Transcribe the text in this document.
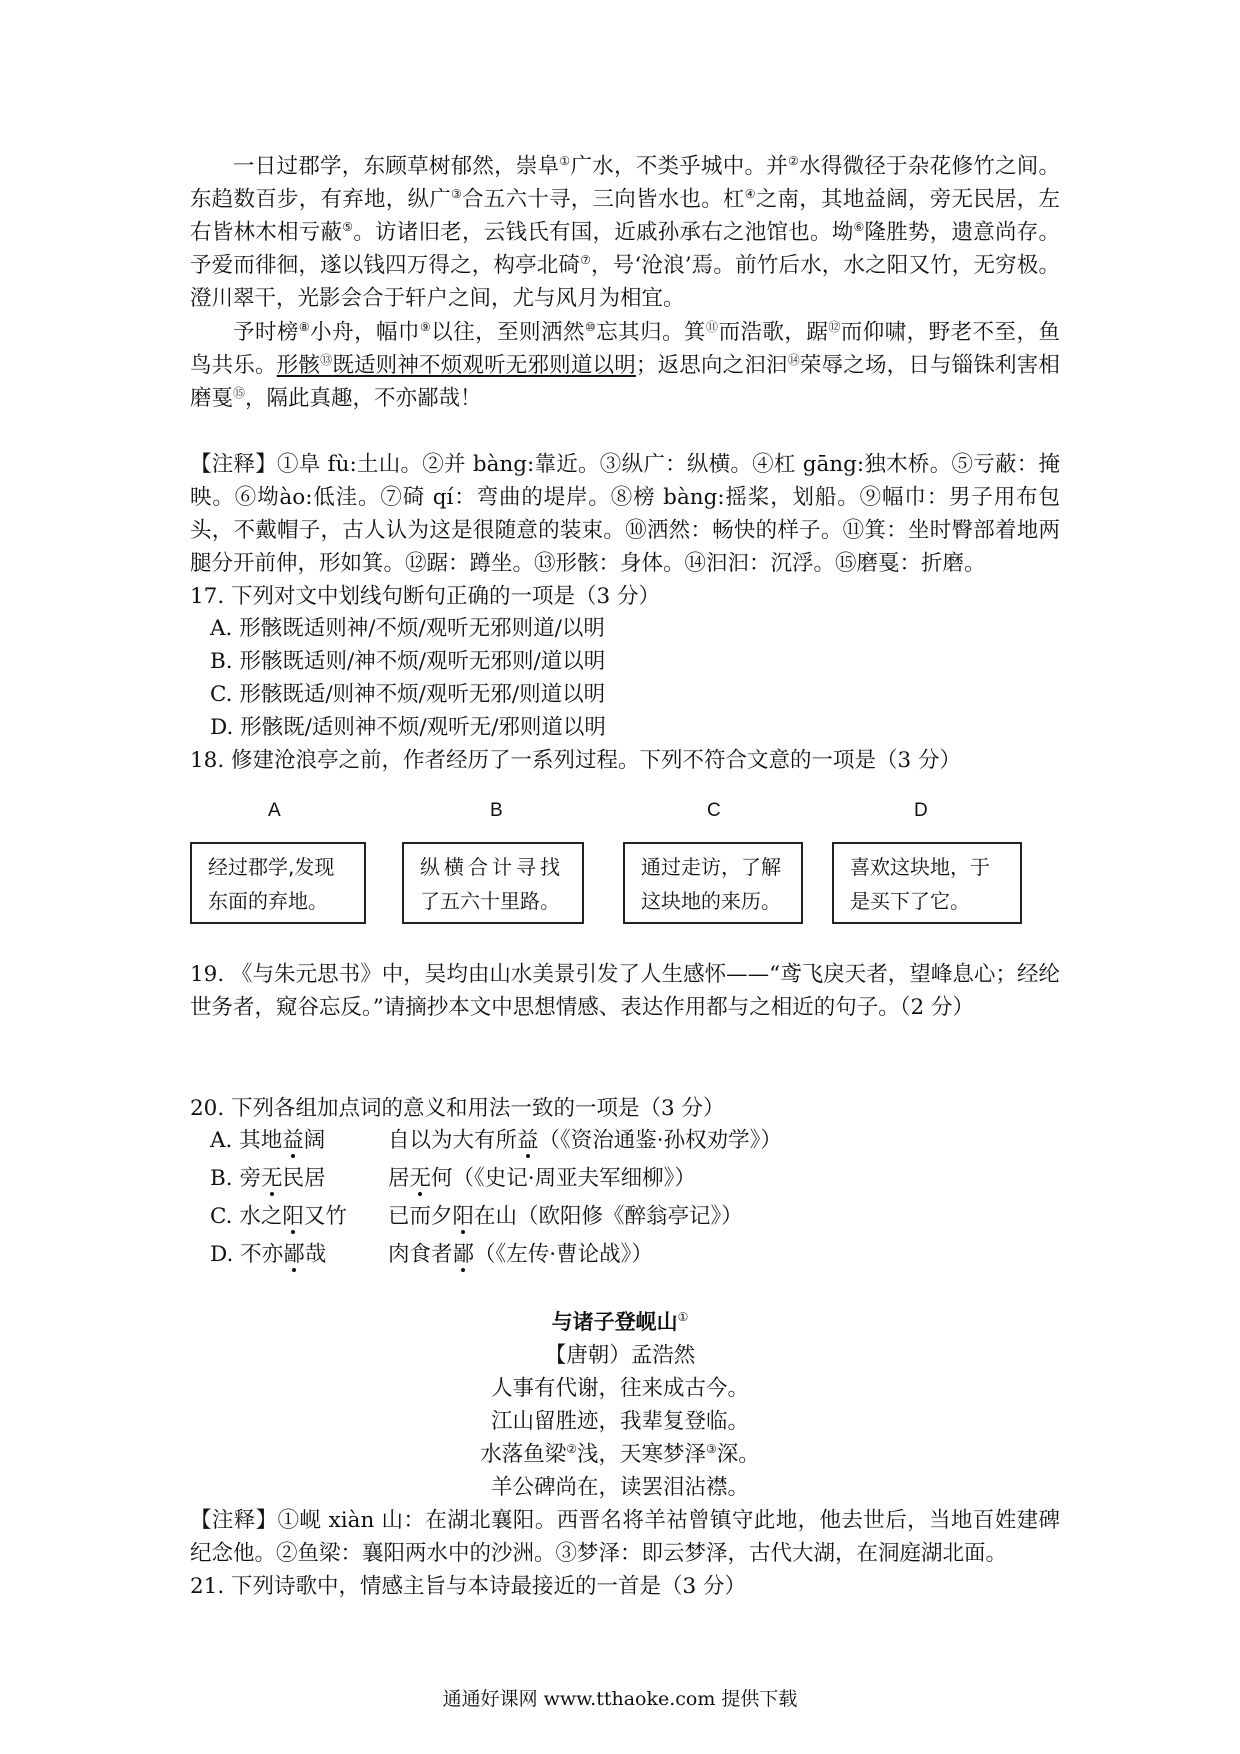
一日过郡学，东顾草树郁然，崇阜①广水，不类乎城中。并②水得微径于杂花修竹之间。东趋数百步，有弃地，纵广③合五六十寻，三向皆水也。杠④之南，其地益阔，旁无民居，左右皆林木相亏蔽⑤。访诸旧老，云钱氏有国，近戚孙承右之池馆也。坳⑥隆胜势，遗意尚存。予爱而徘徊，遂以钱四万得之，构亭北碕⑦，号‘沧浪’焉。前竹后水，水之阳又竹，无穷极。澄川翠干，光影会合于轩户之间，尤与风月为相宜。

予时榜⑧小舟，幅巾⑨以往，至则洒然⑩忘其归。箕⑪而浩歌，踞⑫而仰啸，野老不至，鱼鸟共乐。形骸⑬既适则神不烦观听无邪则道以明；返思向之汩汩⑭荣辱之场，日与锱铢利害相磨戛⑮，隔此真趣，不亦鄙哉！

【注释】①阜 fù:土山。②并 bàng:靠近。③纵广：纵横。④杠 gāng:独木桥。⑤亏蔽：掩映。⑥坳ào:低洼。⑦碕 qí：弯曲的堤岸。⑧榜 bàng:摇桨，划船。⑨幅巾：男子用布包头，不戴帽子，古人认为这是很随意的装束。⑩洒然：畅快的样子。⑪箕：坐时臀部着地两腿分开前伸，形如箕。⑫踞：蹲坐。⑬形骸：身体。⑭汩汩：沉浮。⑮磨戛：折磨。

17. 下列对文中划线句断句正确的一项是（3 分）
A. 形骸既适则神/不烦/观听无邪则道/以明
B. 形骸既适则/神不烦/观听无邪则/道以明
C. 形骸既适/则神不烦/观听无邪/则道以明
D. 形骸既/适则神不烦/观听无/邪则道以明
18. 修建沧浪亭之前，作者经历了一系列过程。下列不符合文意的一项是（3 分）
A	B	C	D
经过郡学,发现
东面的弃地。
纵横合计寻找
了五六十里路。
通过走访，了解
这块地的来历。
喜欢这块地，于
是买下了它。

19. 《与朱元思书》中，吴均由山水美景引发了人生感怀——“鸢飞戾天者，望峰息心；经纶世务者，窥谷忘反。”请摘抄本文中思想情感、表达作用都与之相近的句子。（2 分）

20. 下列各组加点词的意义和用法一致的一项是（3 分）
A. 其地益阔	自以为大有所益（《资治通鉴·孙权劝学》）
B. 旁无民居	居无何（《史记·周亚夫军细柳》）
C. 水之阳又竹 已而夕阳在山（欧阳修《醉翁亭记》）
D. 不亦鄙哉	肉食者鄙（《左传·曹论战》）
与诸子登岘山①
【唐朝）孟浩然
人事有代谢，往来成古今。
江山留胜迹，我辈复登临。
水落鱼梁②浅，天寒梦泽③深。
羊公碑尚在，读罢泪沾襟。

【注释】①岘 xiàn 山：在湖北襄阳。西晋名将羊祜曾镇守此地，他去世后，当地百姓建碑纪念他。②鱼梁：襄阳两水中的沙洲。③梦泽：即云梦泽，古代大湖，在洞庭湖北面。

21. 下列诗歌中，情感主旨与本诗最接近的一首是（3 分）
通通好课网 www.tthaoke.com 提供下载
